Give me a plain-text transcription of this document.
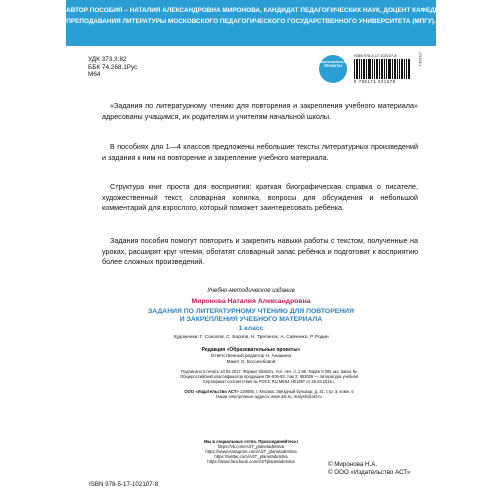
АВТОР ПОСОБИЯ – НАТАЛИЯ АЛЕКСАНДРОВНА МИРОНОВА, КАНДИДАТ ПЕДАГОГИЧЕСКИХ НАУК, ДОЦЕНТ КАФЕДРЫ МЕТОДИКИ
ПРЕПОДАВАНИЯ ЛИТЕРАТУРЫ МОСКОВСКОГО ПЕДАГОГИЧЕСКОГО ГОСУДАРСТВЕННОГО УНИВЕРСИТЕТА (МПГУ).
УДК 373.3:82
ББК 74.268.1Рус
М64
ОБРАЗОВАТЕЛЬНЫЕ
ПРОЕКТЫ
ISBN 978-5-17-102107-8
9 785171 021078
1711S4-1

«Задания по литературному чтению для повторения и закрепления учебного материала» адресованы учащимся, их родителям и учителям начальной школы.

В пособиях для 1—4 классов предложены небольшие тексты литературных произведений и задания к ним на повторение и закрепление учебного материала.

Структура книг проста для восприятия: краткая биографическая справка о писателе, художественный текст, словарная копилка, вопросы для обсуждения и небольшой комментарий для взрослого, который поможет заинтересовать ребёнка.

Задания пособия помогут повторить и закрепить навыки работы с текстом, полученные на уроках, расширят круг чтения, обогатят словарный запас ребёнка и подготовят к восприятию более сложных произведений.

Учебно-методическое издание
Миронова Наталия Александровна
ЗАДАНИЯ ПО ЛИТЕРАТУРНОМУ ЧТЕНИЮ ДЛЯ ПОВТОРЕНИЯ
И ЗАКРЕПЛЕНИЯ УЧЕБНОГО МАТЕРИАЛА
1 класс
Художники: Г. Соколов, С. Борзов, Н. Трепенок, А. Савченко, Р. Родин
Редакция «Образовательные проекты»
Ответственный редактор Н. Анашина
Макет О. Боголюбовой
Подписано в печать 10.02.2017. Формат 60x84⅛. Усл. печ. л. 1,86. Тираж 5 000 экз. Заказ №
Общероссийский классификатор продукции ОК-005-93, том 2; 953005 — литература учебная
Сертификат соответствия № РОСС RU.МЕ64.Н01397 от 25.03.2016 г.
ООО «Издательство АСТ» 129085, г. Москва, Звёздный бульвар, д. 21, стр. 3, комн. 5
Наши электронные адреса: www.ast.ru, malysh@ast.ru
Мы в социальных сетях. Присоединяйтесь!
https://vk.com/AST_planetadetstva
https://www.instagram.com/AST_planetadetstva
https://twitter.com/AST_planetadetstva
https://www.facebook.com/ASTplanetadetstva
ISBN 978-5-17-102107-8
© Миронова Н.А.
© ООО «Издательство АСТ»
